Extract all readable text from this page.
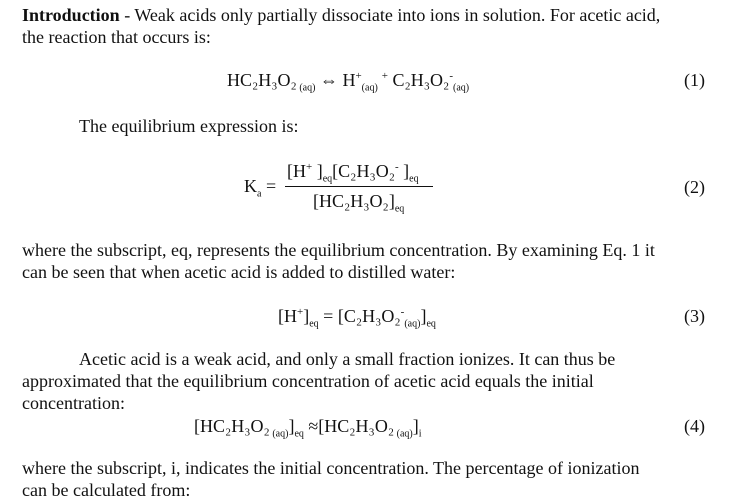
Introduction - Weak acids only partially dissociate into ions in solution. For acetic acid,
the reaction that occurs is:
HC₂H₃O₂ $_{(aq)}$ ⇔ $H^+_{(aq)}^+$ $C_2H_3O_2^-_{(aq)}$	(1)
The equilibrium expression is:
$K_a$ =
[H+ ]$_{eq}[C_2H_3O_2^-$ ]$_{eq}$
$[HC_2H_3O_2]_{eq}$
(2)
where the subscript, eq, represents the equilibrium concentration. By examining Eq. 1 it
can be seen that when acetic acid is added to distilled water:
$[H^+]_{eq} = [C_2H_3O_2^-_{(aq)}]_{eq}$	(3)
Acetic acid is a weak acid, and only a small fraction ionizes. It can thus be
approximated that the equilibrium concentration of acetic acid equals the initial
concentration:
[HC₂H₃O₂ $_{(aq)}]_{eq} \approx[HC_2H_3O_2$ $_{(aq)}]_i$	(4)
where the subscript, i, indicates the initial concentration. The percentage of ionization
can be calculated from:
